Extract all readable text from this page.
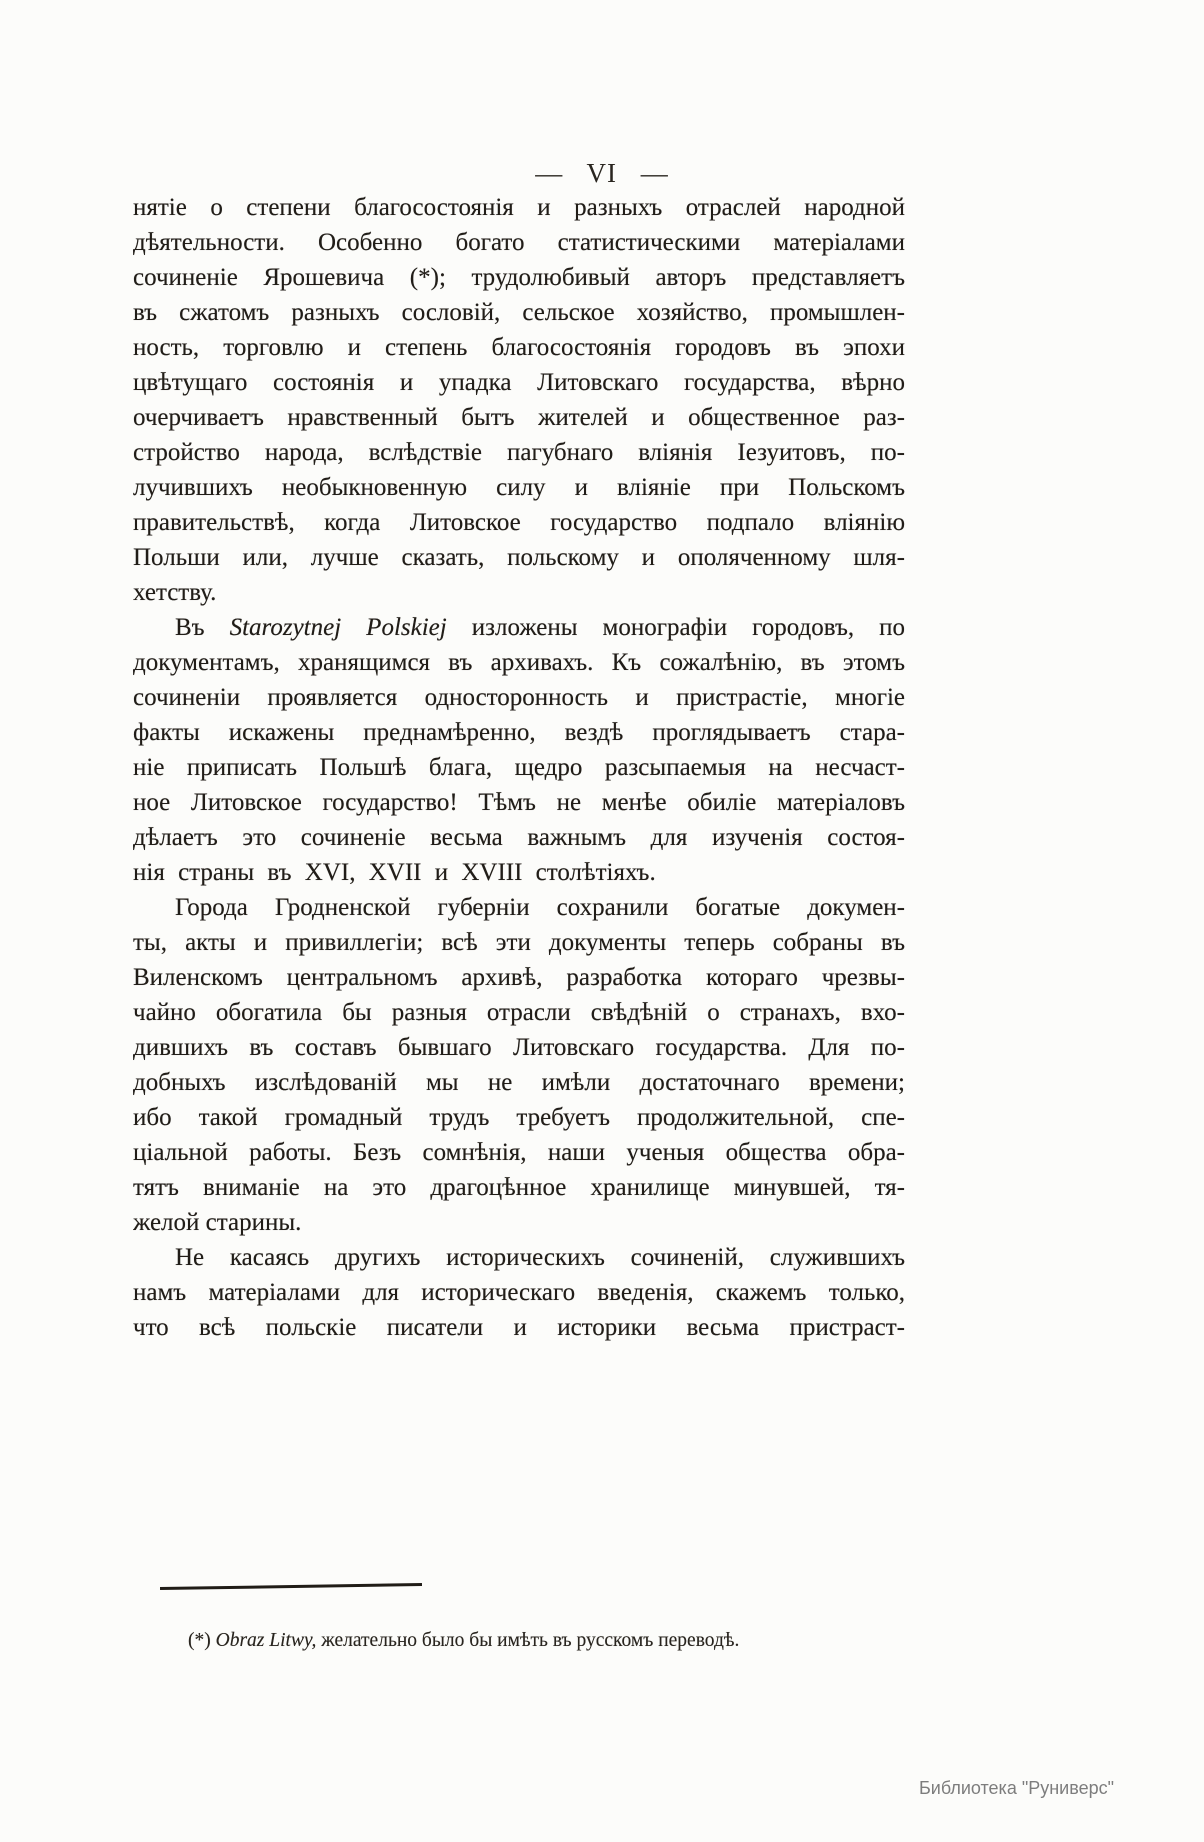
— VI —
нятіе о степени благосостоянія и разныхъ отраслей народной
дѣятельности. Особенно богато статистическими матеріалами
сочиненіе Ярошевича (*); трудолюбивый авторъ представляетъ
въ сжатомъ разныхъ сословій, сельское хозяйство, промышлен-
ность, торговлю и степень благосостоянія городовъ въ эпохи
цвѣтущаго состоянія и упадка Литовскаго государства, вѣрно
очерчиваетъ нравственный бытъ жителей и общественное раз-
стройство народа, вслѣдствіе пагубнаго вліянія Іезуитовъ, по-
лучившихъ необыкновенную силу и вліяніе при Польскомъ
правительствѣ, когда Литовское государство подпало вліянію
Польши или, лучше сказать, польскому и ополяченному шля-
хетству.
Въ Starozytnej Polskiej изложены монографіи городовъ, по
документамъ, хранящимся въ архивахъ. Къ сожалѣнію, въ этомъ
сочиненіи проявляется односторонность и пристрастіе, многіе
факты искажены преднамѣренно, вездѣ проглядываетъ стара-
ніе приписать Польшѣ блага, щедро разсыпаемыя на несчаст-
ное Литовское государство! Тѣмъ не менѣе обиліе матеріаловъ
дѣлаетъ это сочиненіе весьма важнымъ для изученія состоя-
нія страны въ XVI, XVII и XVIII столѣтіяхъ.
Города Гродненской губерніи сохранили богатые докумен-
ты, акты и привиллегіи; всѣ эти документы теперь собраны въ
Виленскомъ центральномъ архивѣ, разработка котораго чрезвы-
чайно обогатила бы разныя отрасли свѣдѣній о странахъ, вхо-
дившихъ въ составъ бывшаго Литовскаго государства. Для по-
добныхъ изслѣдованій мы не имѣли достаточнаго времени;
ибо такой громадный трудъ требуетъ продолжительной, спе-
ціальной работы. Безъ сомнѣнія, наши ученыя общества обра-
тятъ вниманіе на это драгоцѣнное хранилище минувшей, тя-
желой старины.
Не касаясь другихъ историческихъ сочиненій, служившихъ
намъ матеріалами для историческаго введенія, скажемъ только,
что всѣ польскіе писатели и историки весьма пристраст-
(*) Obraz Litwy, желательно было бы имѣть въ русскомъ переводѣ.
Библиотека "Руниверс"
